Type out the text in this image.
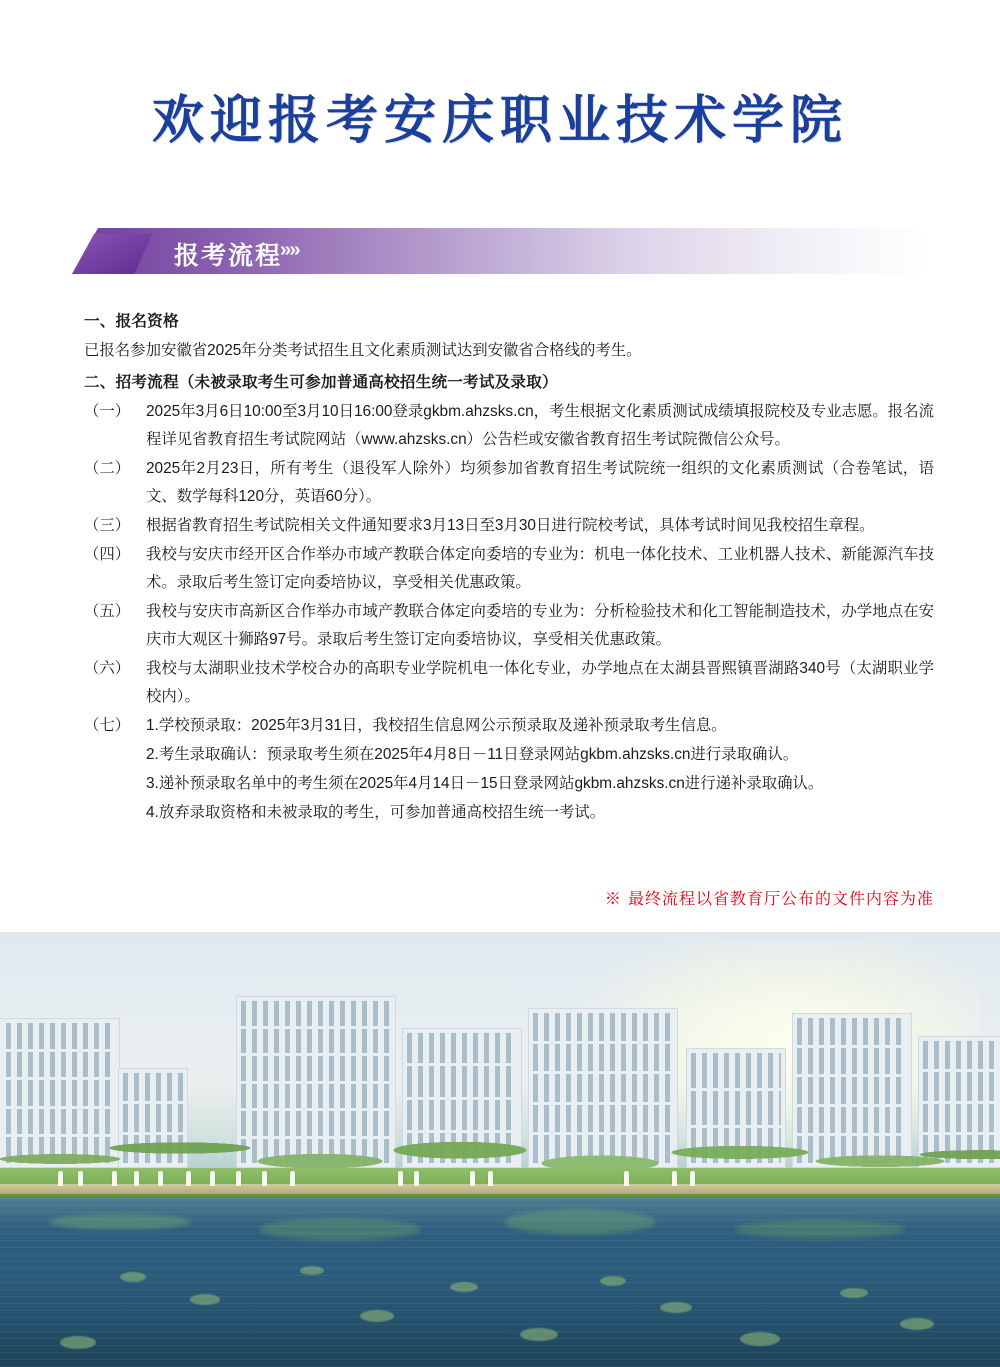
欢迎报考安庆职业技术学院
报考流程
››››
一、报名资格
已报名参加安徽省2025年分类考试招生且文化素质测试达到安徽省合格线的考生。
二、招考流程（未被录取考生可参加普通高校招生统一考试及录取）
（一）	2025年3月6日10:00至3月10日16:00登录gkbm.ahzsks.cn，考生根据文化素质测试成绩填报院校及专业志愿。报名流程详见省教育招生考试院网站（www.ahzsks.cn）公告栏或安徽省教育招生考试院微信公众号。
（二）	2025年2月23日，所有考生（退役军人除外）均须参加省教育招生考试院统一组织的文化素质测试（合卷笔试，语文、数学每科120分，英语60分）。
（三）	根据省教育招生考试院相关文件通知要求3月13日至3月30日进行院校考试，具体考试时间见我校招生章程。
（四）	我校与安庆市经开区合作举办市域产教联合体定向委培的专业为：机电一体化技术、工业机器人技术、新能源汽车技术。录取后考生签订定向委培协议，享受相关优惠政策。
（五）	我校与安庆市高新区合作举办市域产教联合体定向委培的专业为：分析检验技术和化工智能制造技术，办学地点在安庆市大观区十狮路97号。录取后考生签订定向委培协议，享受相关优惠政策。
（六）	我校与太湖职业技术学校合办的高职专业学院机电一体化专业，办学地点在太湖县晋熙镇晋湖路340号（太湖职业学校内）。
（七）	1.学校预录取：2025年3月31日，我校招生信息网公示预录取及递补预录取考生信息。
2.考生录取确认：预录取考生须在2025年4月8日－11日登录网站gkbm.ahzsks.cn进行录取确认。
3.递补预录取名单中的考生须在2025年4月14日－15日登录网站gkbm.ahzsks.cn进行递补录取确认。
4.放弃录取资格和未被录取的考生，可参加普通高校招生统一考试。
※ 最终流程以省教育厅公布的文件内容为准
